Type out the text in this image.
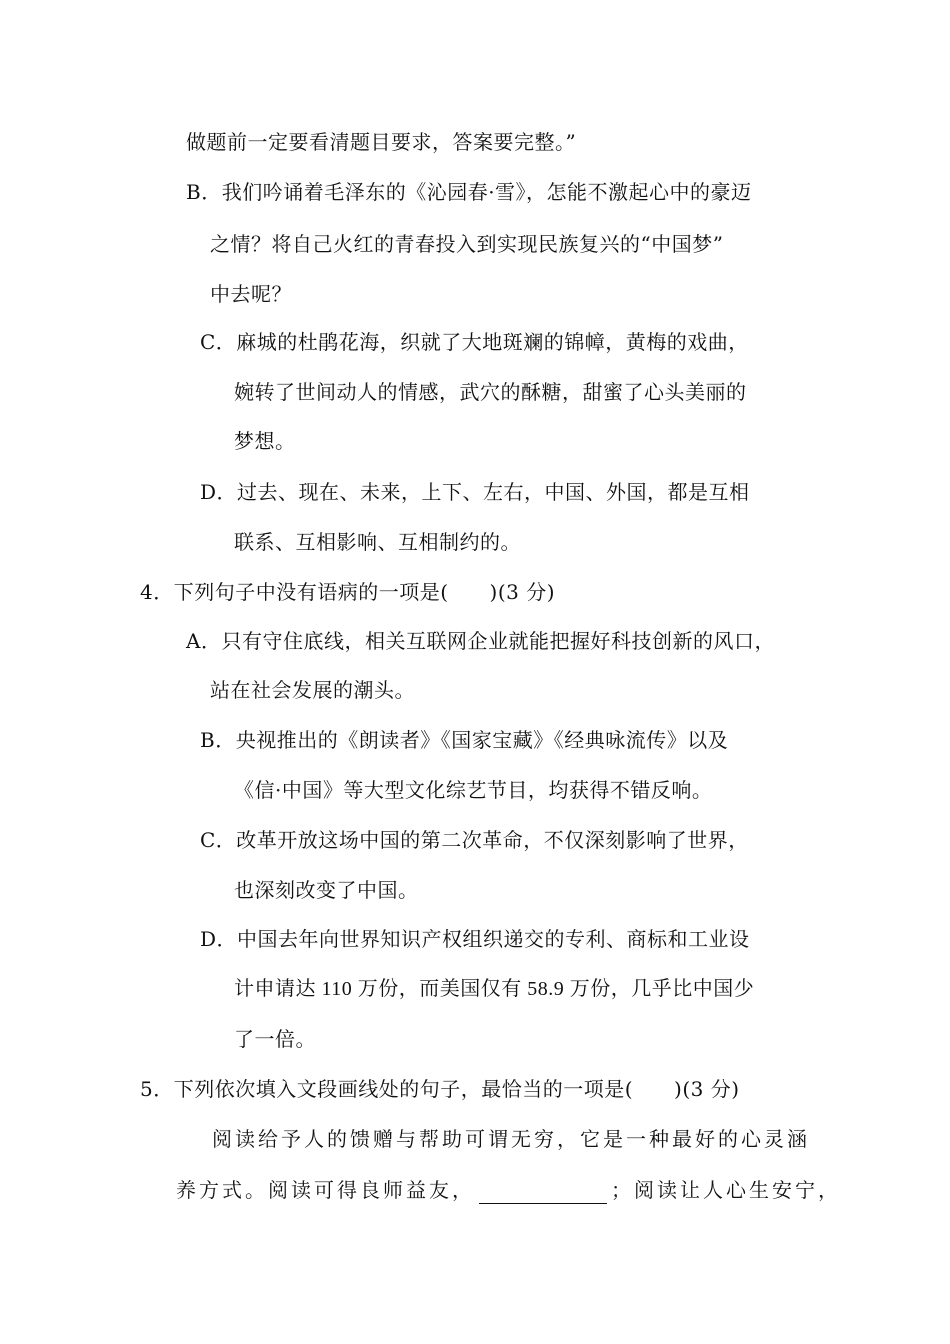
做题前一定要看清题目要求，答案要完整。”
B．我们吟诵着毛泽东的《沁园春·雪》，怎能不激起心中的豪迈
之情？将自己火红的青春投入到实现民族复兴的“中国梦”
中去呢？
C．麻城的杜鹃花海，织就了大地斑斓的锦幛，黄梅的戏曲，
婉转了世间动人的情感，武穴的酥糖，甜蜜了心头美丽的
梦想。
D．过去、现在、未来，上下、左右，中国、外国，都是互相
联系、互相影响、互相制约的。
4．下列句子中没有语病的一项是(　　)(3 分)
A．只有守住底线，相关互联网企业就能把握好科技创新的风口，
站在社会发展的潮头。
B．央视推出的《朗读者》《国家宝藏》《经典咏流传》以及
《信·中国》等大型文化综艺节目，均获得不错反响。
C．改革开放这场中国的第二次革命，不仅深刻影响了世界，
也深刻改变了中国。
D．中国去年向世界知识产权组织递交的专利、商标和工业设
计申请达 110 万份，而美国仅有 58.9 万份，几乎比中国少
了一倍。
5．下列依次填入文段画线处的句子，最恰当的一项是(　　)(3 分)
阅读给予人的馈赠与帮助可谓无穷，它是一种最好的心灵涵
养方式。阅读可得良师益友，	；阅读让人心生安宁，
